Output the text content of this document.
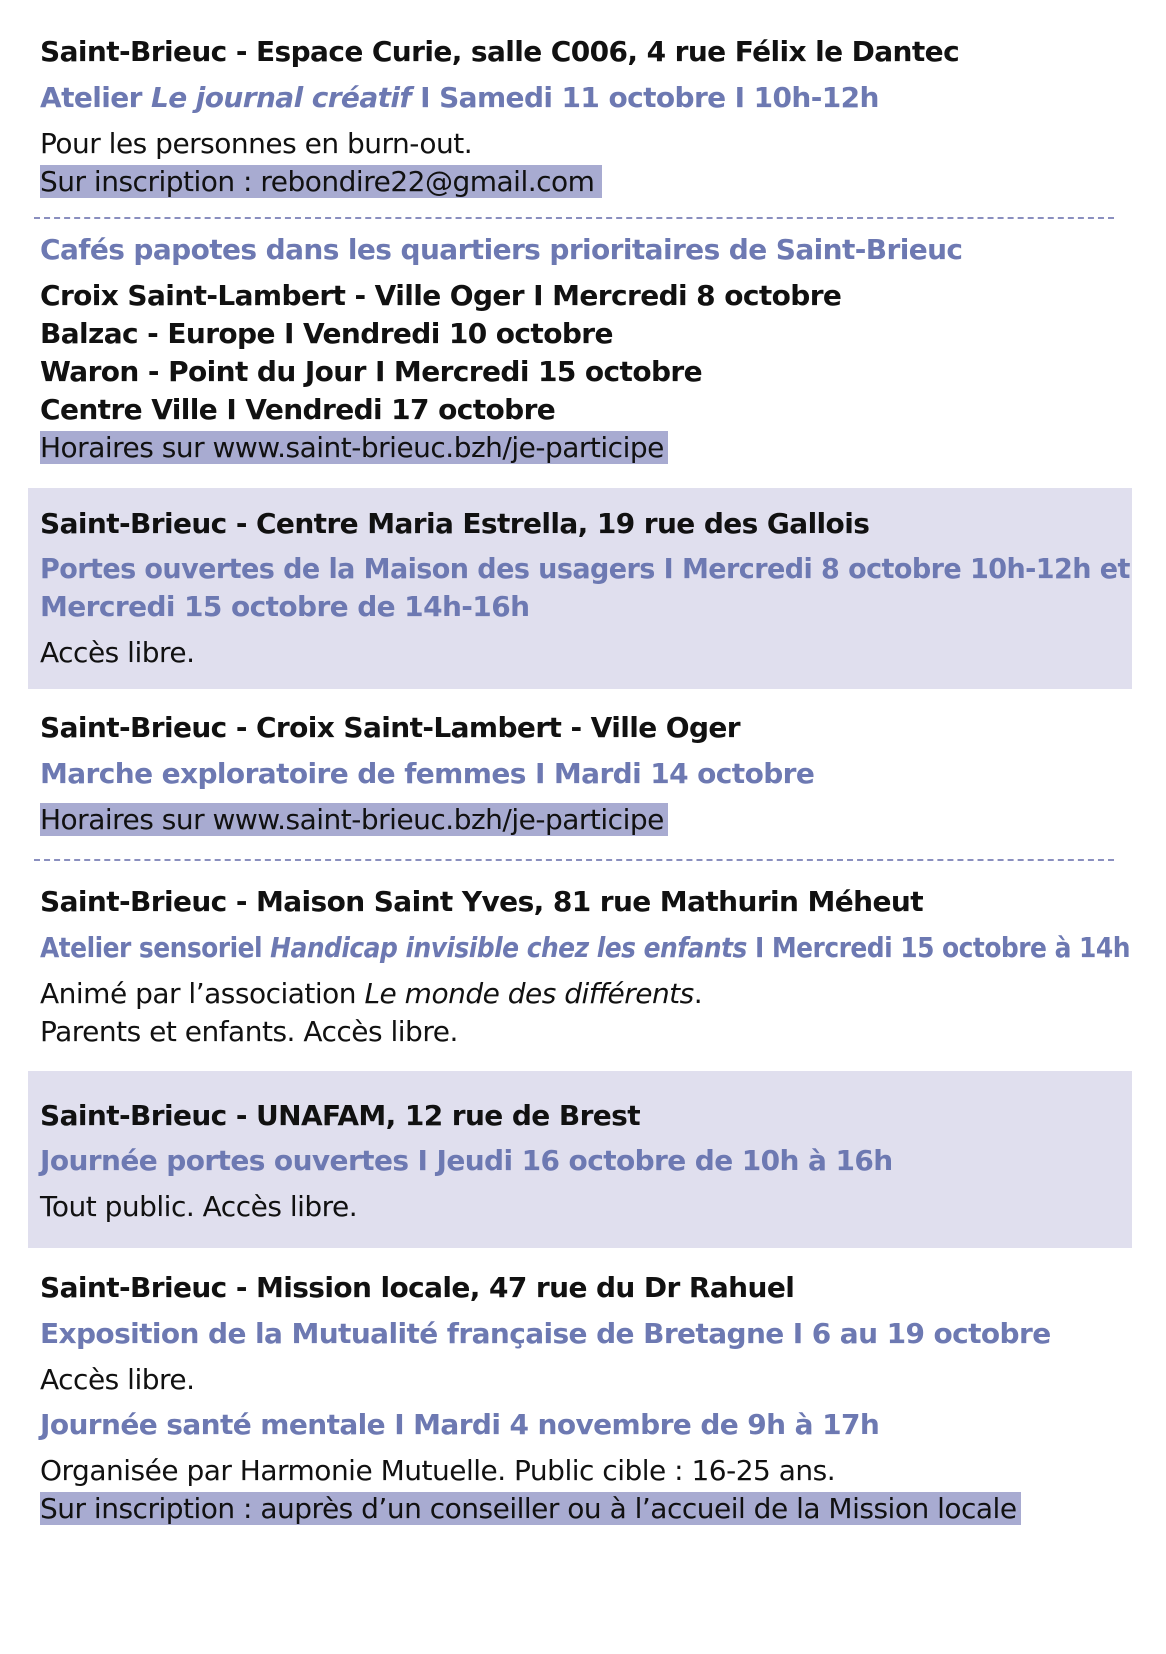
Saint-Brieuc - Espace Curie, salle C006, 4 rue Félix le Dantec
Atelier Le journal créatif I Samedi 11 octobre I 10h-12h
Pour les personnes en burn-out.
Sur inscription : rebondire22@gmail.com
Cafés papotes dans les quartiers prioritaires de Saint-Brieuc
Croix Saint-Lambert - Ville Oger I Mercredi 8 octobre
Balzac - Europe I Vendredi 10 octobre
Waron - Point du Jour I Mercredi 15 octobre
Centre Ville I Vendredi 17 octobre
Horaires sur www.saint-brieuc.bzh/je-participe
Saint-Brieuc - Centre Maria Estrella, 19 rue des Gallois
Portes ouvertes de la Maison des usagers I Mercredi 8 octobre 10h-12h et
Mercredi 15 octobre de 14h-16h
Accès libre.
Saint-Brieuc - Croix Saint-Lambert - Ville Oger
Marche exploratoire de femmes I Mardi 14 octobre
Horaires sur www.saint-brieuc.bzh/je-participe
Saint-Brieuc - Maison Saint Yves, 81 rue Mathurin Méheut
Atelier sensoriel Handicap invisible chez les enfants I Mercredi 15 octobre à 14h
Animé par l’association Le monde des différents.
Parents et enfants. Accès libre.
Saint-Brieuc - UNAFAM, 12 rue de Brest
Journée portes ouvertes I Jeudi 16 octobre de 10h à 16h
Tout public. Accès libre.
Saint-Brieuc - Mission locale, 47 rue du Dr Rahuel
Exposition de la Mutualité française de Bretagne I 6 au 19 octobre
Accès libre.
Journée santé mentale I Mardi 4 novembre de 9h à 17h
Organisée par Harmonie Mutuelle. Public cible : 16-25 ans.
Sur inscription : auprès d’un conseiller ou à l’accueil de la Mission locale
